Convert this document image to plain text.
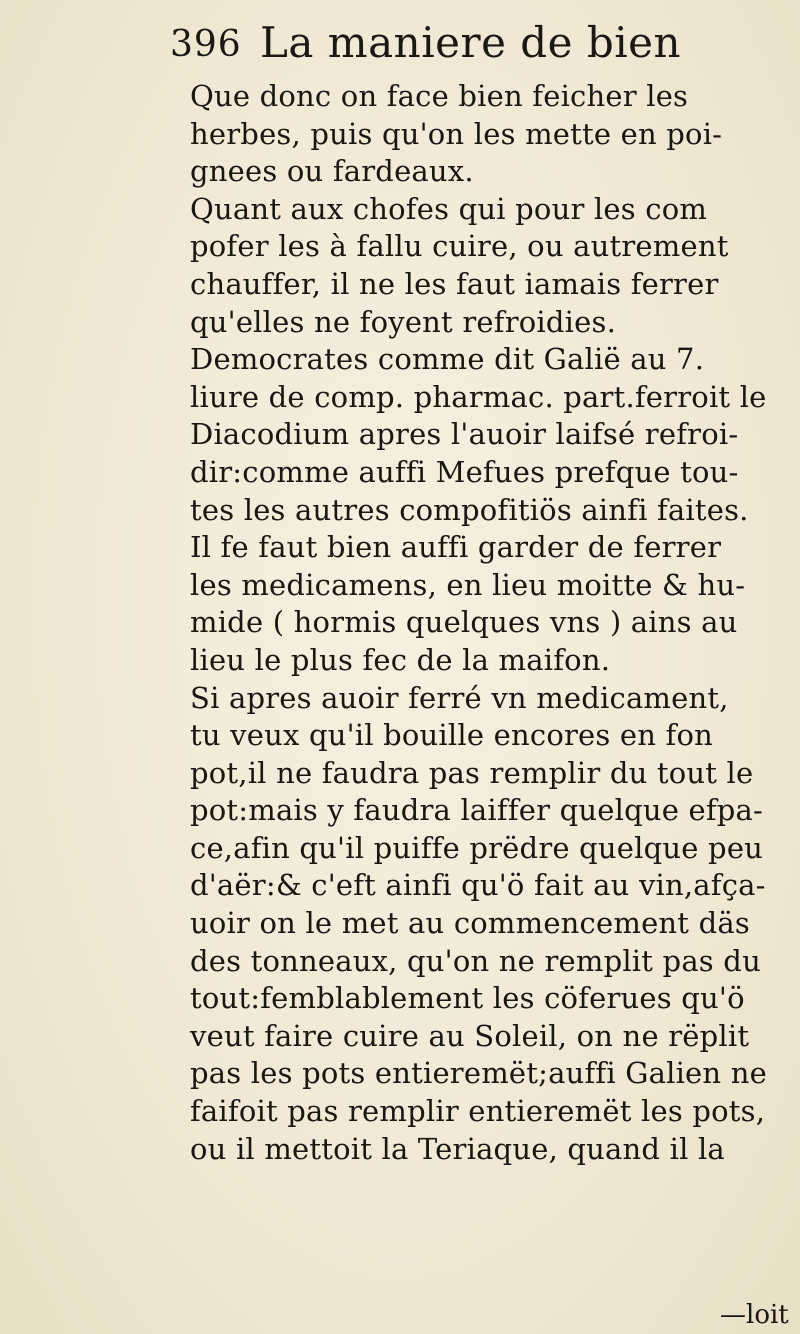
396 La maniere de bien
Que donc on face bien feicher les
herbes, puis qu'on les mette en poi-
gnees ou fardeaux.
Quant aux chofes qui pour les com
pofer les à fallu cuire, ou autrement
chauffer, il ne les faut iamais ferrer
qu'elles ne foyent refroidies.
Democrates comme dit Galië au 7.
liure de comp. pharmac. part.ferroit le
Diacodium apres l'auoir laifsé refroi-
dir:comme auffi Mefues prefque tou-
tes les autres compofitiös ainfi faites.
Il fe faut bien auffi garder de ferrer
les medicamens, en lieu moitte & hu-
mide ( hormis quelques vns ) ains au
lieu le plus fec de la maifon.
Si apres auoir ferré vn medicament,
tu veux qu'il bouille encores en fon
pot,il ne faudra pas remplir du tout le
pot:mais y faudra laiffer quelque efpa-
ce,afin qu'il puiffe prëdre quelque peu
d'aër:& c'eft ainfi qu'ö fait au vin,afça-
uoir on le met au commencement däs
des tonneaux, qu'on ne remplit pas du
tout:femblablement les cöferues qu'ö
veut faire cuire au Soleil, on ne rëplit
pas les pots entieremët;auffi Galien ne
faifoit pas remplir entieremët les pots,
ou il mettoit la Teriaque, quand il la
—loit
